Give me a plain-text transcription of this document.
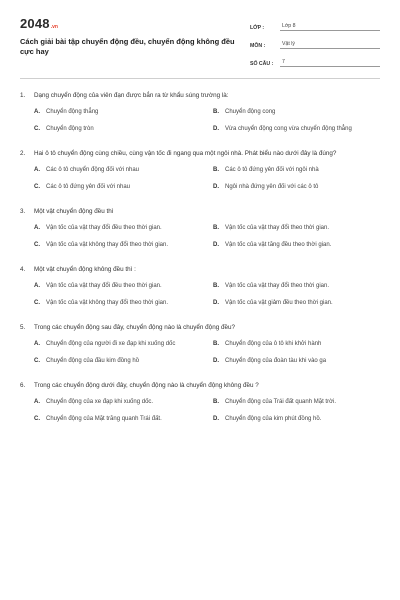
2048 .vn
Cách giải bài tập chuyển động đều, chuyển động không đều cực hay
LỚP :	Lớp 8
MÔN :	Vật lý
SỐ CÂU :	7
1.	Dạng chuyển động của viên đạn được bắn ra từ khẩu súng trường là:
A.	Chuyển động thẳng	B.	Chuyển động cong
C.	Chuyển động tròn	D.	Vừa chuyển động cong vừa chuyển động thẳng
2.	Hai ô tô chuyển động cùng chiều, cùng vận tốc đi ngang qua một ngôi nhà. Phát biểu nào dưới đây là đúng?
A.	Các ô tô chuyển động đối với nhau	B.	Các ô tô đứng yên đối với ngôi nhà
C.	Các ô tô đứng yên đối với nhau	D.	Ngôi nhà đứng yên đối với các ô tô
3.	Một vật chuyển động đều thì
A.	Vận tốc của vật thay đổi đều theo thời gian.	B.	Vận tốc của vật thay đổi theo thời gian.
C.	Vận tốc của vật không thay đổi theo thời gian.	D.	Vận tốc của vật tăng đều theo thời gian.
4.	Một vật chuyển động không đều thì :
A.	Vận tốc của vật thay đổi đều theo thời gian.	B.	Vận tốc của vật thay đổi theo thời gian.
C.	Vận tốc của vật không thay đổi theo thời gian.	D.	Vận tốc của vật giảm đều theo thời gian.
5.	Trong các chuyển động sau đây, chuyển động nào là chuyển động đều?
A.	Chuyển động của người đi xe đạp khi xuống dốc	B.	Chuyển động của ô tô khi khởi hành
C.	Chuyển động của đầu kim đồng hồ	D.	Chuyển động của đoàn tàu khi vào ga
6.	Trong các chuyển động dưới đây, chuyển động nào là chuyển động không đều ?
A.	Chuyển động của xe đạp khi xuống dốc.	B.	Chuyển động của Trái đất quanh Mặt trời.
C.	Chuyển động của Mặt trăng quanh Trái đất.	D.	Chuyển động của kim phút đồng hồ.
